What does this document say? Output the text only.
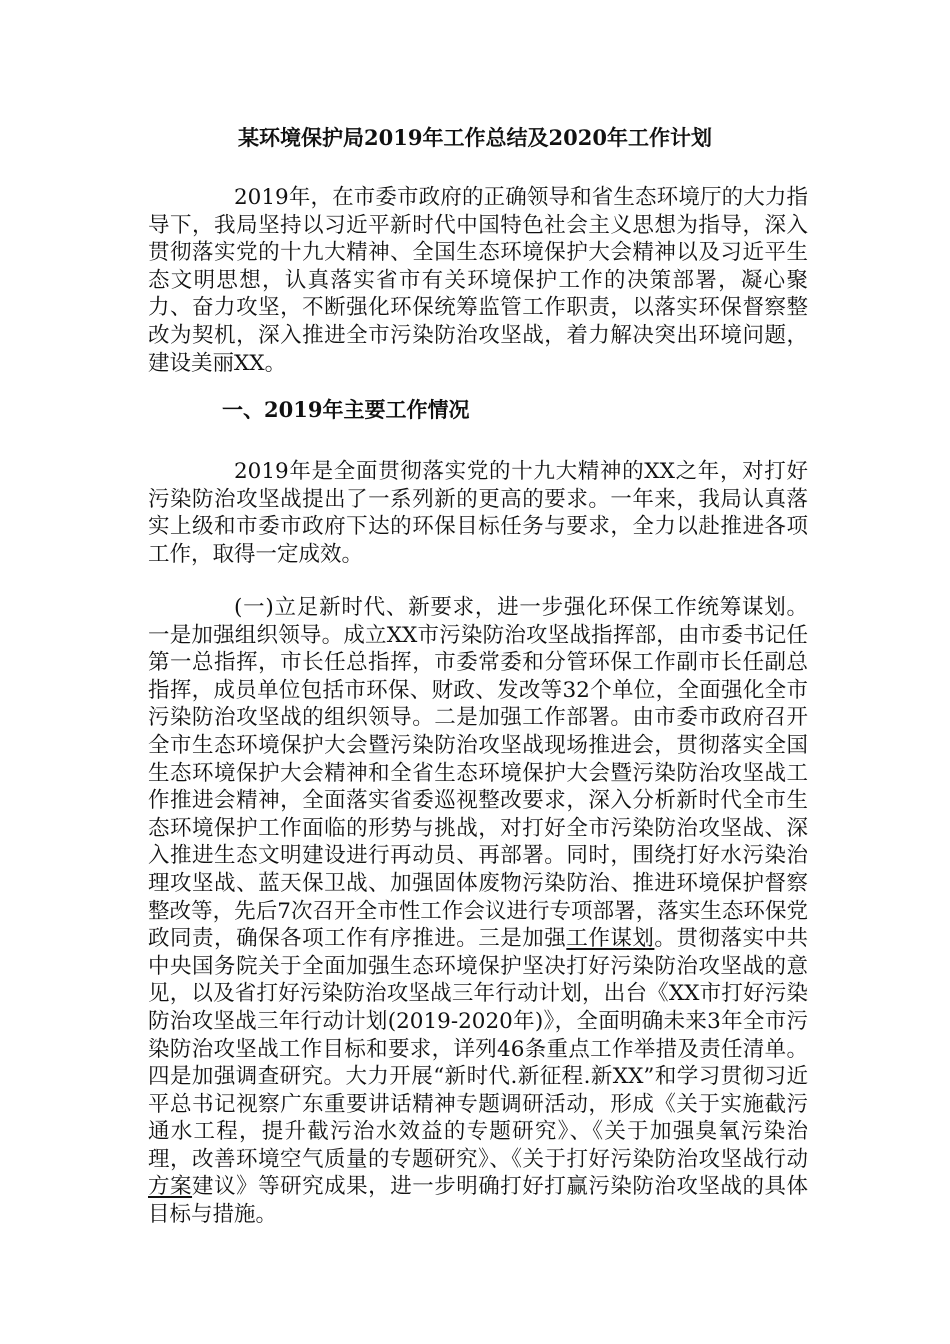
某环境保护局2019年工作总结及2020年工作计划

2019年，在市委市政府的正确领导和省生态环境厅的大力指导下，我局坚持以习近平新时代中国特色社会主义思想为指导，深入贯彻落实党的十九大精神、全国生态环境保护大会精神以及习近平生态文明思想，认真落实省市有关环境保护工作的决策部署，凝心聚力、奋力攻坚，不断强化环保统筹监管工作职责，以落实环保督察整改为契机，深入推进全市污染防治攻坚战，着力解决突出环境问题，建设美丽XX。

一、2019年主要工作情况

2019年是全面贯彻落实党的十九大精神的XX之年，对打好污染防治攻坚战提出了一系列新的更高的要求。一年来，我局认真落实上级和市委市政府下达的环保目标任务与要求，全力以赴推进各项工作，取得一定成效。

(一)立足新时代、新要求，进一步强化环保工作统筹谋划。一是加强组织领导。成立XX市污染防治攻坚战指挥部，由市委书记任第一总指挥，市长任总指挥，市委常委和分管环保工作副市长任副总指挥，成员单位包括市环保、财政、发改等32个单位，全面强化全市污染防治攻坚战的组织领导。二是加强工作部署。由市委市政府召开全市生态环境保护大会暨污染防治攻坚战现场推进会，贯彻落实全国生态环境保护大会精神和全省生态环境保护大会暨污染防治攻坚战工作推进会精神，全面落实省委巡视整改要求，深入分析新时代全市生态环境保护工作面临的形势与挑战，对打好全市污染防治攻坚战、深入推进生态文明建设进行再动员、再部署。同时，围绕打好水污染治理攻坚战、蓝天保卫战、加强固体废物污染防治、推进环境保护督察整改等，先后7次召开全市性工作会议进行专项部署，落实生态环保党政同责，确保各项工作有序推进。三是加强工作谋划。贯彻落实中共中央国务院关于全面加强生态环境保护坚决打好污染防治攻坚战的意见，以及省打好污染防治攻坚战三年行动计划，出台《XX市打好污染防治攻坚战三年行动计划(2019-2020年)》，全面明确未来3年全市污染防治攻坚战工作目标和要求，详列46条重点工作举措及责任清单。四是加强调查研究。大力开展“新时代.新征程.新XX”和学习贯彻习近平总书记视察广东重要讲话精神专题调研活动，形成《关于实施截污通水工程，提升截污治水效益的专题研究》、《关于加强臭氧污染治理，改善环境空气质量的专题研究》、《关于打好污染防治攻坚战行动方案建议》等研究成果，进一步明确打好打赢污染防治攻坚战的具体目标与措施。
